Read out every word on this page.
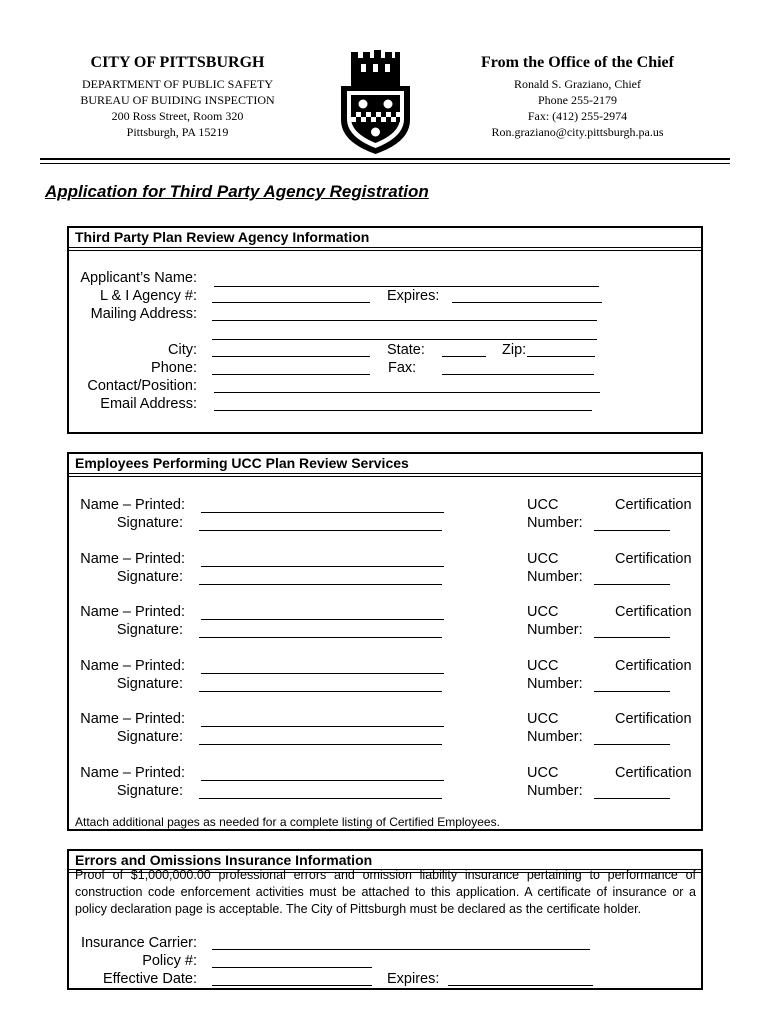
CITY OF PITTSBURGH
DEPARTMENT OF PUBLIC SAFETY
BUREAU OF BUIDING INSPECTION
200 Ross Street, Room 320
Pittsburgh, PA 15219
From the Office of the Chief
Ronald S. Graziano, Chief
Phone 255-2179
Fax: (412) 255-2974
Ron.graziano@city.pittsburgh.pa.us
Application for Third Party Agency Registration
Third Party Plan Review Agency Information
Applicant’s Name:
L & I Agency #:	Expires:
Mailing Address:
City:	State:	Zip:
Phone:	Fax:
Contact/Position:
Email Address:
Employees Performing UCC Plan Review Services
Name – Printed:	UCC	Certification
Signature:	Number:
Name – Printed:	UCC	Certification
Signature:	Number:
Name – Printed:	UCC	Certification
Signature:	Number:
Name – Printed:	UCC	Certification
Signature:	Number:
Name – Printed:	UCC	Certification
Signature:	Number:
Name – Printed:	UCC	Certification
Signature:	Number:
Attach additional pages as needed for a complete listing of Certified Employees.
Errors and Omissions Insurance Information
Proof of $1,000,000.00 professional errors and omission liability insurance pertaining to performance of construction code enforcement activities must be attached to this application. A certificate of insurance or a policy declaration page is acceptable. The City of Pittsburgh must be declared as the certificate holder.
Insurance Carrier:
Policy #:
Effective Date:	Expires:
